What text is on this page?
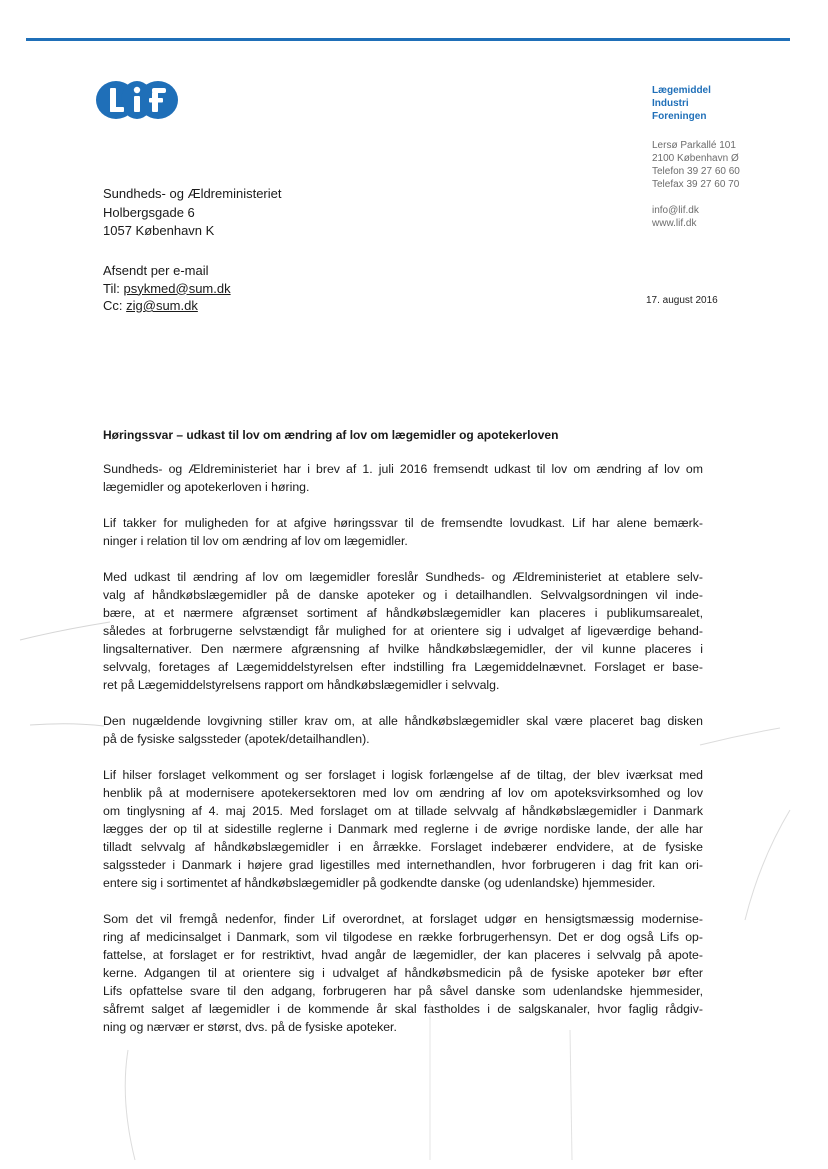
Lægemiddel
Industri
Foreningen
Lersø Parkallé 101
2100 København Ø
Telefon 39 27 60 60
Telefax 39 27 60 70
info@lif.dk
www.lif.dk
Sundheds- og Ældreministeriet
Holbergsgade 6
1057 København K
Afsendt per e-mail
Til: psykmed@sum.dk
Cc: zig@sum.dk	17. august 2016
Høringssvar – udkast til lov om ændring af lov om lægemidler og apotekerloven

Sundheds- og Ældreministeriet har i brev af 1. juli 2016 fremsendt udkast til lov om ændring af lov om
lægemidler og apotekerloven i høring.

Lif takker for muligheden for at afgive høringssvar til de fremsendte lovudkast. Lif har alene bemærk-
ninger i relation til lov om ændring af lov om lægemidler.

Med udkast til ændring af lov om lægemidler foreslår Sundheds- og Ældreministeriet at etablere selv-
valg af håndkøbslægemidler på de danske apoteker og i detailhandlen. Selvvalgsordningen vil inde-
bære, at et nærmere afgrænset sortiment af håndkøbslægemidler kan placeres i publikumsarealet,
således at forbrugerne selvstændigt får mulighed for at orientere sig i udvalget af ligeværdige behand-
lingsalternativer. Den nærmere afgrænsning af hvilke håndkøbslægemidler, der vil kunne placeres i
selvvalg, foretages af Lægemiddelstyrelsen efter indstilling fra Lægemiddelnævnet. Forslaget er base-
ret på Lægemiddelstyrelsens rapport om håndkøbslægemidler i selvvalg.

Den nugældende lovgivning stiller krav om, at alle håndkøbslægemidler skal være placeret bag disken
på de fysiske salgssteder (apotek/detailhandlen).

Lif hilser forslaget velkomment og ser forslaget i logisk forlængelse af de tiltag, der blev iværksat med
henblik på at modernisere apotekersektoren med lov om ændring af lov om apoteksvirksomhed og lov
om tinglysning af 4. maj 2015. Med forslaget om at tillade selvvalg af håndkøbslægemidler i Danmark
lægges der op til at sidestille reglerne i Danmark med reglerne i de øvrige nordiske lande, der alle har
tilladt selvvalg af håndkøbslægemidler i en årrække. Forslaget indebærer endvidere, at de fysiske
salgssteder i Danmark i højere grad ligestilles med internethandlen, hvor forbrugeren i dag frit kan ori-
entere sig i sortimentet af håndkøbslægemidler på godkendte danske (og udenlandske) hjemmesider.

Som det vil fremgå nedenfor, finder Lif overordnet, at forslaget udgør en hensigtsmæssig modernise-
ring af medicinsalget i Danmark, som vil tilgodese en række forbrugerhensyn. Det er dog også Lifs op-
fattelse, at forslaget er for restriktivt, hvad angår de lægemidler, der kan placeres i selvvalg på apote-
kerne. Adgangen til at orientere sig i udvalget af håndkøbsmedicin på de fysiske apoteker bør efter
Lifs opfattelse svare til den adgang, forbrugeren har på såvel danske som udenlandske hjemmesider,
såfremt salget af lægemidler i de kommende år skal fastholdes i de salgskanaler, hvor faglig rådgiv-
ning og nærvær er størst, dvs. på de fysiske apoteker.
